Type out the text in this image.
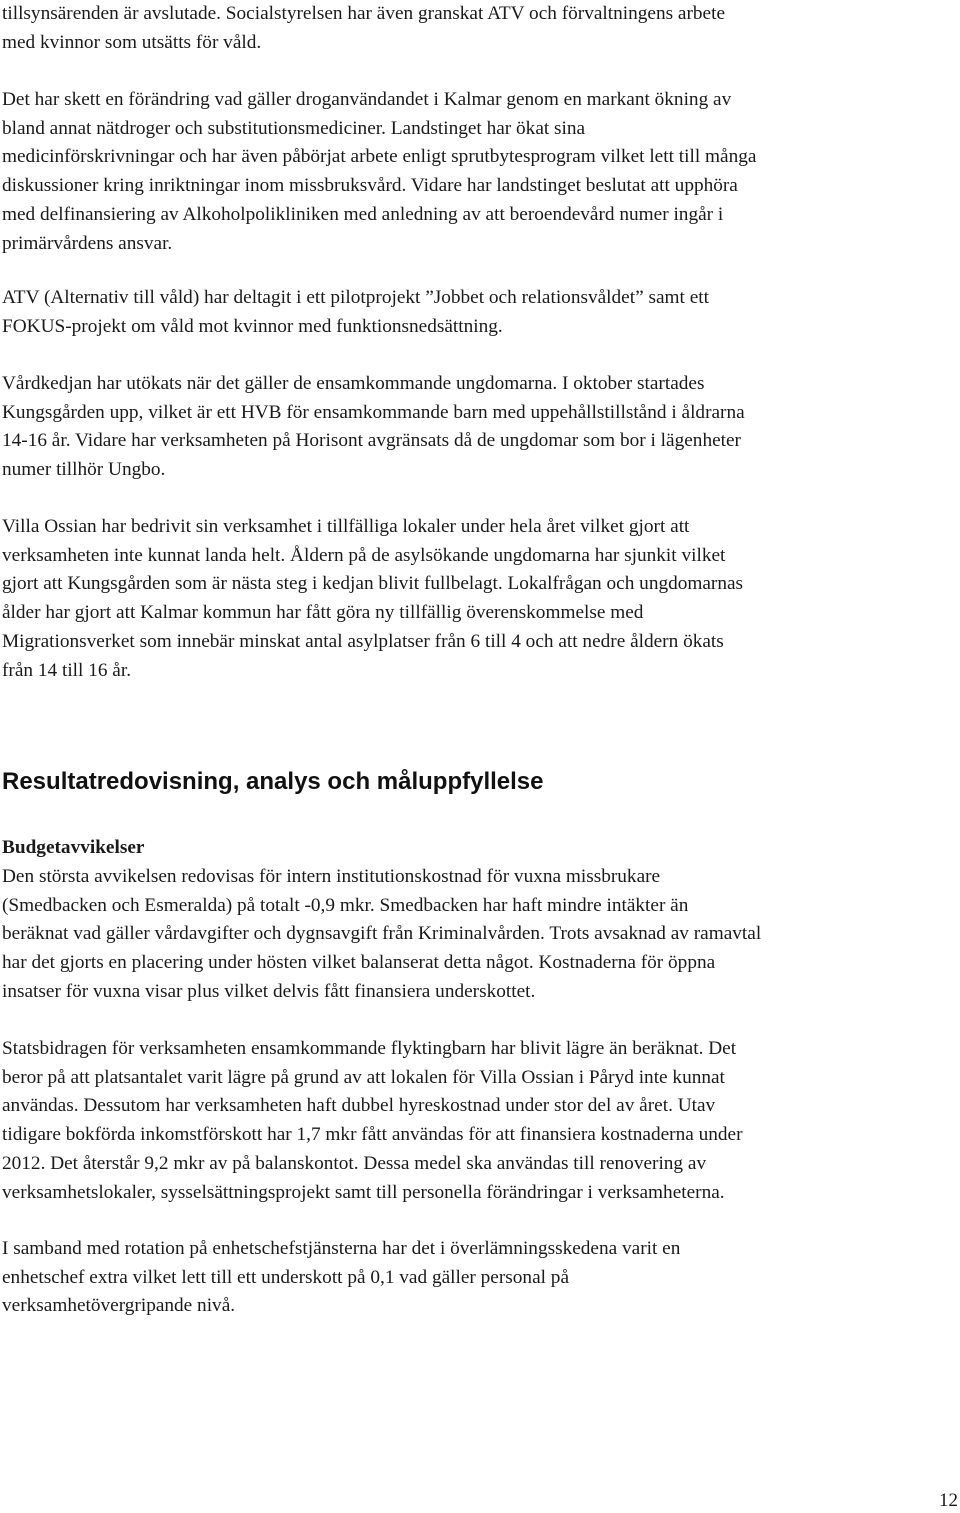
tillsynsärenden är avslutade. Socialstyrelsen har även granskat ATV och förvaltningens arbete
med kvinnor som utsätts för våld.

Det har skett en förändring vad gäller droganvändandet i Kalmar genom en markant ökning av
bland annat nätdroger och substitutionsmediciner. Landstinget har ökat sina
medicinförskrivningar och har även påbörjat arbete enligt sprutbytesprogram vilket lett till många
diskussioner kring inriktningar inom missbruksvård. Vidare har landstinget beslutat att upphöra
med delfinansiering av Alkoholpolikliniken med anledning av att beroendevård numer ingår i
primärvårdens ansvar.

ATV (Alternativ till våld) har deltagit i ett pilotprojekt ”Jobbet och relationsvåldet” samt ett
FOKUS-projekt om våld mot kvinnor med funktionsnedsättning.

Vårdkedjan har utökats när det gäller de ensamkommande ungdomarna. I oktober startades
Kungsgården upp, vilket är ett HVB för ensamkommande barn med uppehållstillstånd i åldrarna
14-16 år. Vidare har verksamheten på Horisont avgränsats då de ungdomar som bor i lägenheter
numer tillhör Ungbo.

Villa Ossian har bedrivit sin verksamhet i tillfälliga lokaler under hela året vilket gjort att
verksamheten inte kunnat landa helt. Åldern på de asylsökande ungdomarna har sjunkit vilket
gjort att Kungsgården som är nästa steg i kedjan blivit fullbelagt. Lokalfrågan och ungdomarnas
ålder har gjort att Kalmar kommun har fått göra ny tillfällig överenskommelse med
Migrationsverket som innebär minskat antal asylplatser från 6 till 4 och att nedre åldern ökats
från 14 till 16 år.

Resultatredovisning, analys och måluppfyllelse
Budgetavvikelser

Den största avvikelsen redovisas för intern institutionskostnad för vuxna missbrukare
(Smedbacken och Esmeralda) på totalt -0,9 mkr. Smedbacken har haft mindre intäkter än
beräknat vad gäller vårdavgifter och dygnsavgift från Kriminalvården. Trots avsaknad av ramavtal
har det gjorts en placering under hösten vilket balanserat detta något. Kostnaderna för öppna
insatser för vuxna visar plus vilket delvis fått finansiera underskottet.

Statsbidragen för verksamheten ensamkommande flyktingbarn har blivit lägre än beräknat. Det
beror på att platsantalet varit lägre på grund av att lokalen för Villa Ossian i Påryd inte kunnat
användas. Dessutom har verksamheten haft dubbel hyreskostnad under stor del av året. Utav
tidigare bokförda inkomstförskott har 1,7 mkr fått användas för att finansiera kostnaderna under
2012. Det återstår 9,2 mkr av på balanskontot. Dessa medel ska användas till renovering av
verksamhetslokaler, sysselsättningsprojekt samt till personella förändringar i verksamheterna.

I samband med rotation på enhetschefstjänsterna har det i överlämningsskedena varit en
enhetschef extra vilket lett till ett underskott på 0,1 vad gäller personal på
verksamhetövergripande nivå.

12
